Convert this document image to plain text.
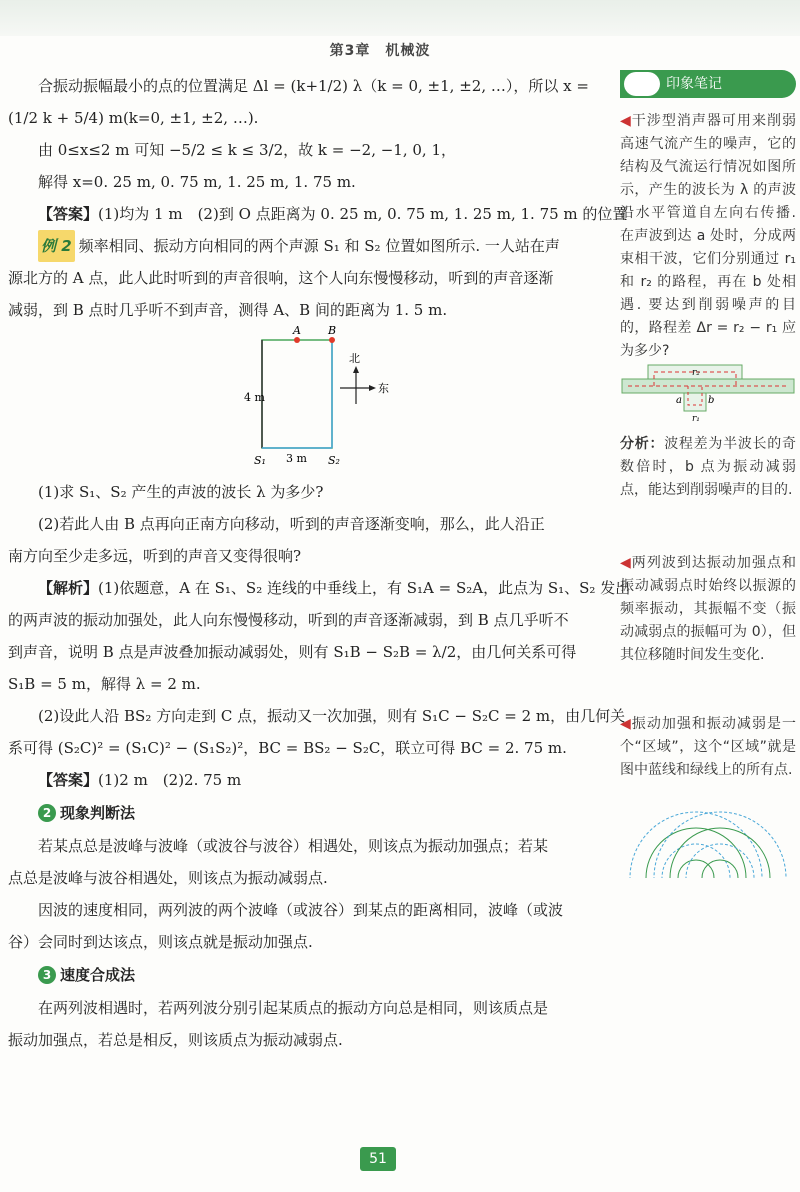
第3章　机械波

合振动振幅最小的点的位置满足 Δl = (k+1/2) λ（k = 0, ±1, ±2, …），所以 x =

(1/2 k + 5/4) m(k=0, ±1, ±2, …).

由 0≤x≤2 m 可知 −5/2 ≤ k ≤ 3/2，故 k = −2, −1, 0, 1，

解得 x=0. 25 m, 0. 75 m, 1. 25 m, 1. 75 m.

【答案】(1)均为 1 m　(2)到 O 点距离为 0. 25 m, 0. 75 m, 1. 25 m, 1. 75 m 的位置

例 2 频率相同、振动方向相同的两个声源 S₁ 和 S₂ 位置如图所示. 一人站在声

源北方的 A 点，此人此时听到的声音很响，这个人向东慢慢移动，听到的声音逐渐

减弱，到 B 点时几乎听不到声音，测得 A、B 间的距离为 1. 5 m.

A B
4 m
3 m
S₁	S₂
北
东

(1)求 S₁、S₂ 产生的声波的波长 λ 为多少?

(2)若此人由 B 点再向正南方向移动，听到的声音逐渐变响，那么，此人沿正

南方向至少走多远，听到的声音又变得很响?

【解析】(1)依题意，A 在 S₁、S₂ 连线的中垂线上，有 S₁A = S₂A，此点为 S₁、S₂ 发出

的两声波的振动加强处，此人向东慢慢移动，听到的声音逐渐减弱，到 B 点几乎听不

到声音，说明 B 点是声波叠加振动减弱处，则有 S₁B − S₂B = λ/2，由几何关系可得

S₁B = 5 m，解得 λ = 2 m.

(2)设此人沿 BS₂ 方向走到 C 点，振动又一次加强，则有 S₁C − S₂C = 2 m，由几何关

系可得 (S₂C)² = (S₁C)² − (S₁S₂)²，BC = BS₂ − S₂C，联立可得 BC = 2. 75 m.

【答案】(1)2 m　(2)2. 75 m

2 现象判断法

若某点总是波峰与波峰（或波谷与波谷）相遇处，则该点为振动加强点；若某

点总是波峰与波谷相遇处，则该点为振动减弱点.

因波的速度相同，两列波的两个波峰（或波谷）到某点的距离相同，波峰（或波

谷）会同时到达该点，则该点就是振动加强点.

3 速度合成法

在两列波相遇时，若两列波分别引起某质点的振动方向总是相同，则该质点是

振动加强点，若总是相反，则该质点为振动减弱点.

印象笔记

◀干涉型消声器可用来削弱高速气流产生的噪声，它的结构及气流运行情况如图所示，产生的波长为 λ 的声波沿水平管道自左向右传播. 在声波到达 a 处时，分成两束相干波，它们分别通过 r₁ 和 r₂ 的路程，再在 b 处相遇. 要达到削弱噪声的目的，路程差 Δr = r₂ − r₁ 应为多少?

r₂
r₁
a	b

分析：波程差为半波长的奇数倍时，b 点为振动减弱点，能达到削弱噪声的目的.

◀两列波到达振动加强点和振动减弱点时始终以振源的频率振动，其振幅不变（振动减弱点的振幅可为 0），但其位移随时间发生变化.

◀振动加强和振动减弱是一个“区域”，这个“区域”就是图中蓝线和绿线上的所有点.

51
